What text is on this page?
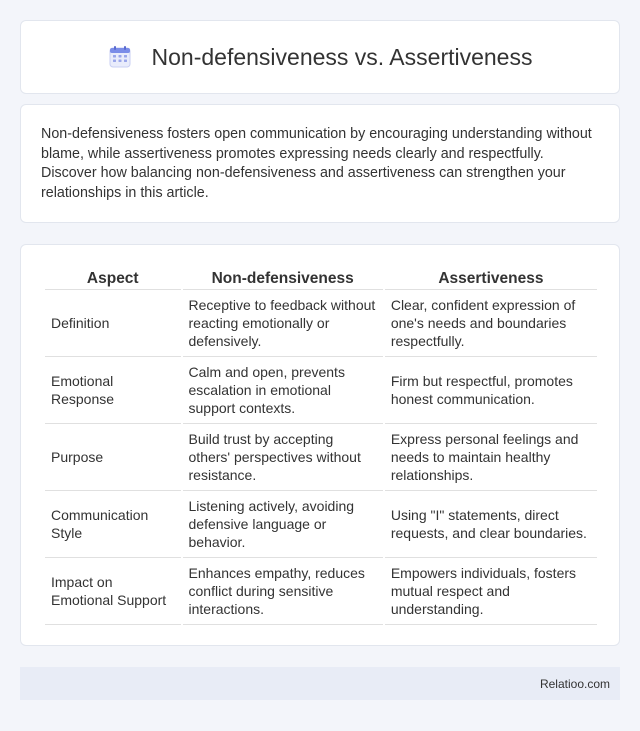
Non-defensiveness vs. Assertiveness

Non-defensiveness fosters open communication by encouraging understanding without blame, while assertiveness promotes expressing needs clearly and respectfully. Discover how balancing non-defensiveness and assertiveness can strengthen your relationships in this article.

Aspect	Non-defensiveness	Assertiveness
Definition	Receptive to feedback without reacting emotionally or defensively.	Clear, confident expression of one's needs and boundaries respectfully.
Emotional Response	Calm and open, prevents escalation in emotional support contexts.	Firm but respectful, promotes honest communication.
Purpose	Build trust by accepting others' perspectives without resistance.	Express personal feelings and needs to maintain healthy relationships.
Communication Style	Listening actively, avoiding defensive language or behavior.	Using "I" statements, direct requests, and clear boundaries.
Impact on Emotional Support	Enhances empathy, reduces conflict during sensitive interactions.	Empowers individuals, fosters mutual respect and understanding.
Relatioo.com
